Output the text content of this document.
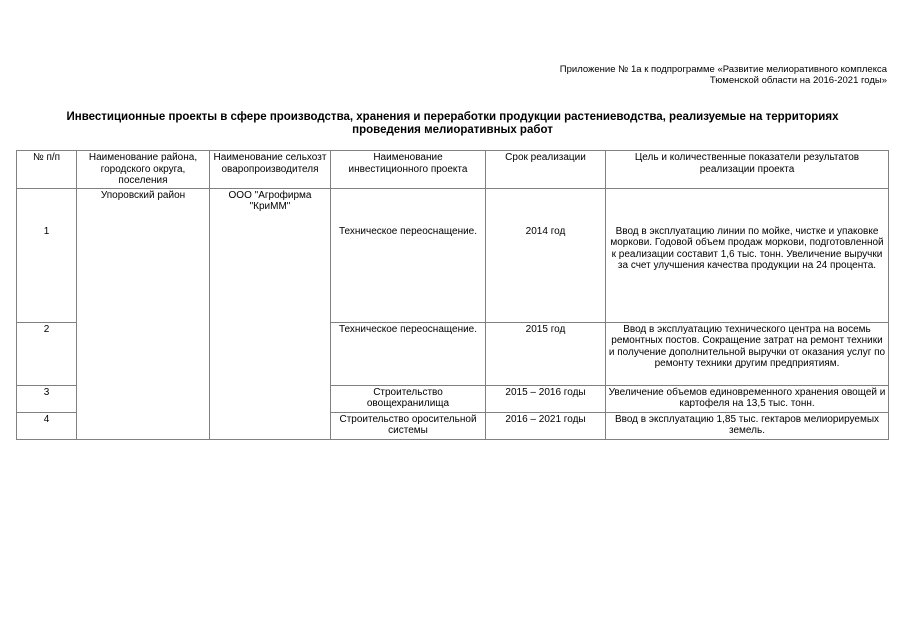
Приложение № 1а к подпрограмме «Развитие мелиоративного комплекса
Тюменской области на 2016-2021 годы»
Инвестиционные проекты в сфере производства, хранения и переработки продукции растениеводства, реализуемые на территориях
проведения мелиоративных работ
№ п/п	Наименование района, городского округа, поселения	Наименование сельхозтоваропроизводителя	Наименование инвестиционного проекта	Срок реализации	Цель и количественные показатели результатов реализации проекта
1	Упоровский район	ООО "Агрофирма "КриММ"	Техническое переоснащение.	2014 год	Ввод в эксплуатацию линии по мойке, чистке и упаковке моркови. Годовой объем продаж моркови, подготовленной к реализации составит 1,6 тыс. тонн. Увеличение выручки за счет улучшения качества продукции на 24 процента.
2			Техническое переоснащение.	2015 год	Ввод в эксплуатацию технического центра на восемь ремонтных постов. Сокращение затрат на ремонт техники и получение дополнительной выручки от оказания услуг по ремонту техники другим предприятиям.
3			Строительство овощехранилища	2015 – 2016 годы	Увеличение объемов единовременного хранения овощей и картофеля на 13,5 тыс. тонн.
4			Строительство оросительной системы	2016 – 2021 годы	Ввод в эксплуатацию 1,85 тыс. гектаров мелиорируемых земель.
